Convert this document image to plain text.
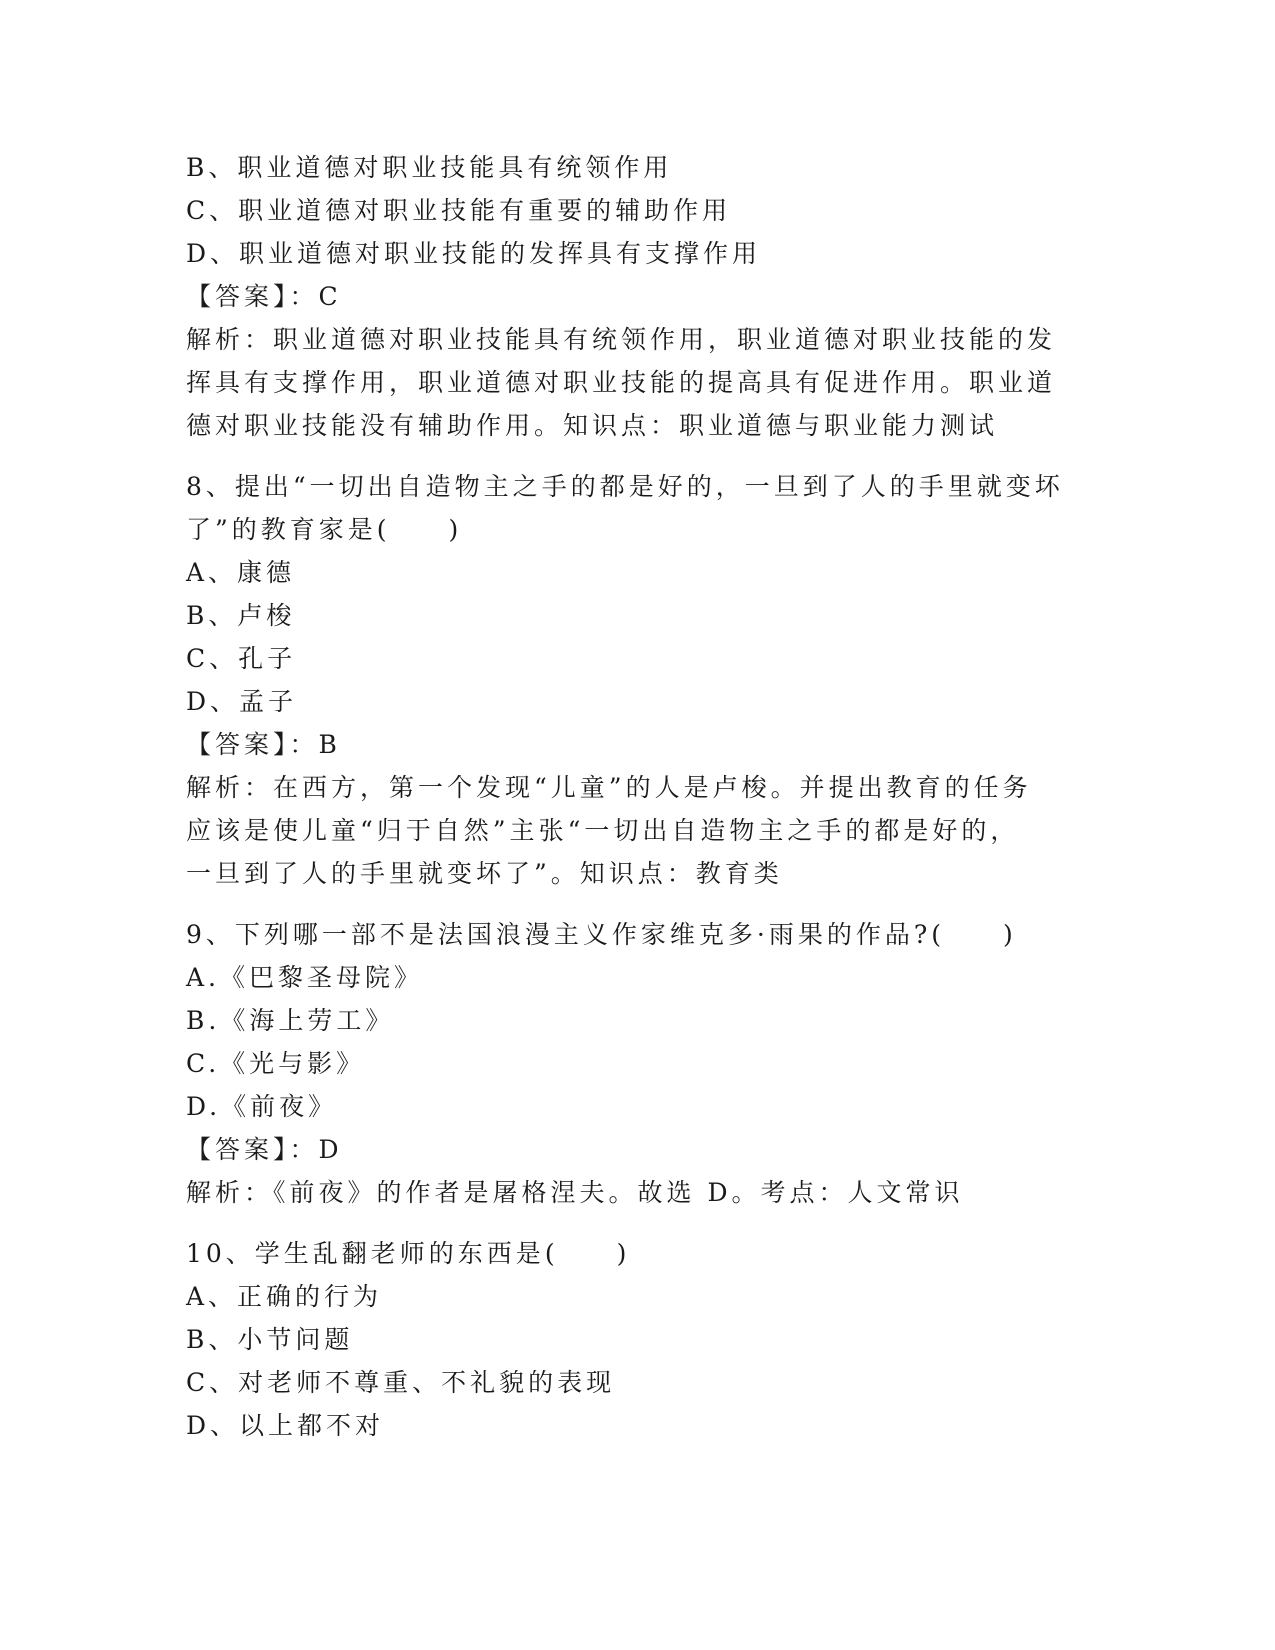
B、职业道德对职业技能具有统领作用
C、职业道德对职业技能有重要的辅助作用
D、职业道德对职业技能的发挥具有支撑作用
【答案】：C
解析：职业道德对职业技能具有统领作用，职业道德对职业技能的发
挥具有支撑作用，职业道德对职业技能的提高具有促进作用。职业道
德对职业技能没有辅助作用。知识点：职业道德与职业能力测试
8、提出“一切出自造物主之手的都是好的，一旦到了人的手里就变坏
了”的教育家是(　　)
A、康德
B、卢梭
C、孔子
D、孟子
【答案】：B
解析：在西方，第一个发现“儿童”的人是卢梭。并提出教育的任务
应该是使儿童“归于自然”主张“一切出自造物主之手的都是好的，
一旦到了人的手里就变坏了”。知识点：教育类
9、下列哪一部不是法国浪漫主义作家维克多·雨果的作品?(　　)
A.《巴黎圣母院》
B.《海上劳工》
C.《光与影》
D.《前夜》
【答案】：D
解析：《前夜》的作者是屠格涅夫。故选 D。考点：人文常识
10、学生乱翻老师的东西是(　　)
A、正确的行为
B、小节问题
C、对老师不尊重、不礼貌的表现
D、以上都不对
